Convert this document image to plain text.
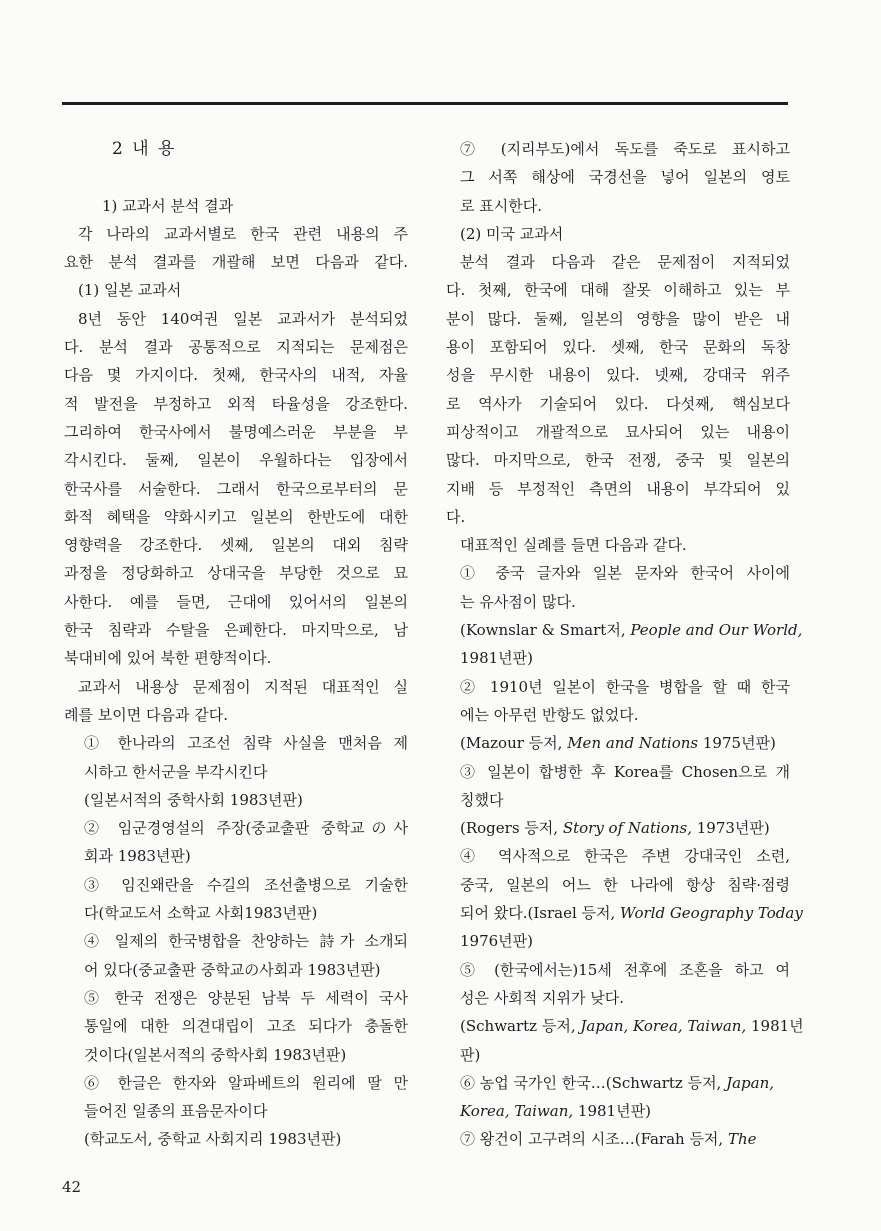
2 내 용
1) 교과서 분석 결과
각 나라의 교과서별로 한국 관련 내용의 주
요한 분석 결과를 개괄해 보면 다음과 같다.
(1) 일본 교과서
8년 동안 140여권 일본 교과서가 분석되었
다. 분석 결과 공통적으로 지적되는 문제점은
다음 몇 가지이다. 첫째, 한국사의 내적, 자율
적 발전을 부정하고 외적 타율성을 강조한다.
그리하여 한국사에서 불명예스러운 부분을 부
각시킨다. 둘째, 일본이 우월하다는 입장에서
한국사를 서술한다. 그래서 한국으로부터의 문
화적 혜택을 약화시키고 일본의 한반도에 대한
영향력을 강조한다. 셋째, 일본의 대외 침략
과정을 정당화하고 상대국을 부당한 것으로 묘
사한다. 예를 들면, 근대에 있어서의 일본의
한국 침략과 수탈을 은폐한다. 마지막으로, 남
북대비에 있어 북한 편향적이다.
교과서 내용상 문제점이 지적된 대표적인 실
례를 보이면 다음과 같다.
① 한나라의 고조선 침략 사실을 맨처음 제
시하고 한서군을 부각시킨다
(일본서적의 중학사회 1983년판)
② 임군경영설의 주장(중교출판 중학교の사
회과 1983년판)
③ 임진왜란을 수길의 조선출병으로 기술한
다(학교도서 소학교 사회1983년판)
④ 일제의 한국병합을 찬양하는 詩가 소개되
어 있다(중교출판 중학교の사회과 1983년판)
⑤ 한국 전쟁은 양분된 남북 두 세력이 국사
통일에 대한 의견대립이 고조 되다가 충돌한
것이다(일본서적의 중학사회 1983년판)
⑥ 한글은 한자와 알파베트의 원리에 딸 만
들어진 일종의 표음문자이다
(학교도서, 중학교 사회지리 1983년판)
⑦ (지리부도)에서 독도를 죽도로 표시하고
그 서쪽 해상에 국경선을 넣어 일본의 영토
로 표시한다.
(2) 미국 교과서
분석 결과 다음과 같은 문제점이 지적되었
다. 첫째, 한국에 대해 잘못 이해하고 있는 부
분이 많다. 둘째, 일본의 영향을 많이 받은 내
용이 포함되어 있다. 셋째, 한국 문화의 독창
성을 무시한 내용이 있다. 넷째, 강대국 위주
로 역사가 기술되어 있다. 다섯째, 핵심보다
피상적이고 개괄적으로 묘사되어 있는 내용이
많다. 마지막으로, 한국 전쟁, 중국 및 일본의
지배 등 부정적인 측면의 내용이 부각되어 있
다.
대표적인 실례를 들면 다음과 같다.
① 중국 글자와 일본 문자와 한국어 사이에
는 유사점이 많다.
(Kownslar & Smart저, People and Our World,
1981년판)
② 1910년 일본이 한국을 병합을 할 때 한국
에는 아무런 반항도 없었다.
(Mazour 등저, Men and Nations 1975년판)
③ 일본이 합병한 후 Korea를 Chosen으로 개
칭했다
(Rogers 등저, Story of Nations, 1973년판)
④ 역사적으로 한국은 주변 강대국인 소련,
중국, 일본의 어느 한 나라에 항상 침략·점령
되어 왔다.(Israel 등저, World Geography Today
1976년판)
⑤ (한국에서는)15세 전후에 조혼을 하고 여
성은 사회적 지위가 낮다.
(Schwartz 등저, Japan, Korea, Taiwan, 1981년
판)
⑥ 농업 국가인 한국…(Schwartz 등저, Japan,
Korea, Taiwan, 1981년판)
⑦ 왕건이 고구려의 시조…(Farah 등저, The
42
